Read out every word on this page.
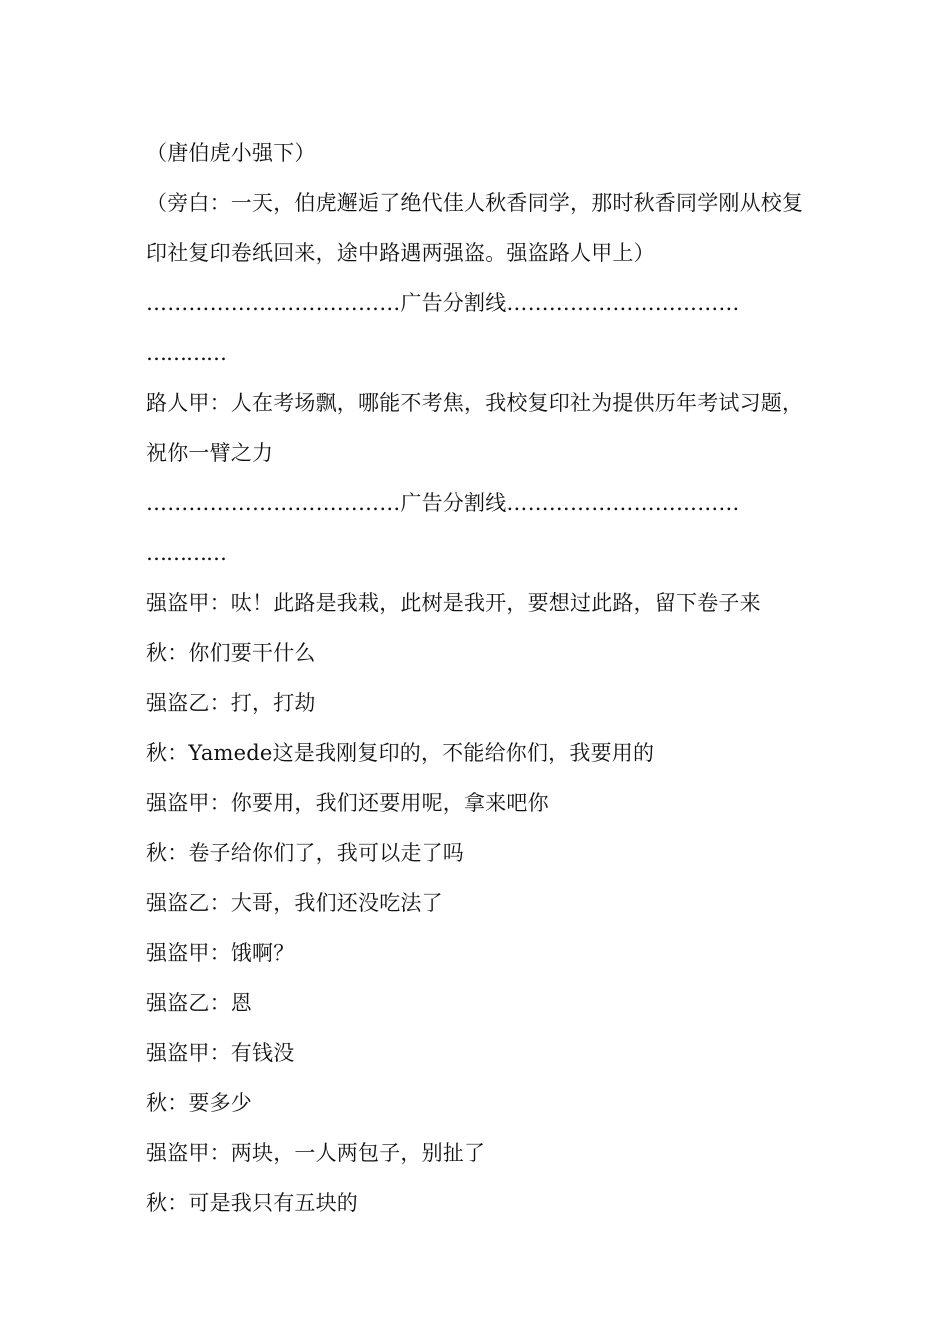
（唐伯虎小强下）
（旁白：一天，伯虎邂逅了绝代佳人秋香同学，那时秋香同学刚从校复印社复印卷纸回来，途中路遇两强盗。强盗路人甲上）
………………………………广告分割线……………………………
…………
路人甲：人在考场飘，哪能不考焦，我校复印社为提供历年考试习题，祝你一臂之力
………………………………广告分割线……………………………
…………
强盗甲：呔！此路是我栽，此树是我开，要想过此路，留下卷子来
秋：你们要干什么
强盗乙：打，打劫
秋：Yamede这是我刚复印的，不能给你们，我要用的
强盗甲：你要用，我们还要用呢，拿来吧你
秋：卷子给你们了，我可以走了吗
强盗乙：大哥，我们还没吃法了
强盗甲：饿啊？
强盗乙：恩
强盗甲：有钱没
秋：要多少
强盗甲：两块，一人两包子，别扯了
秋：可是我只有五块的
